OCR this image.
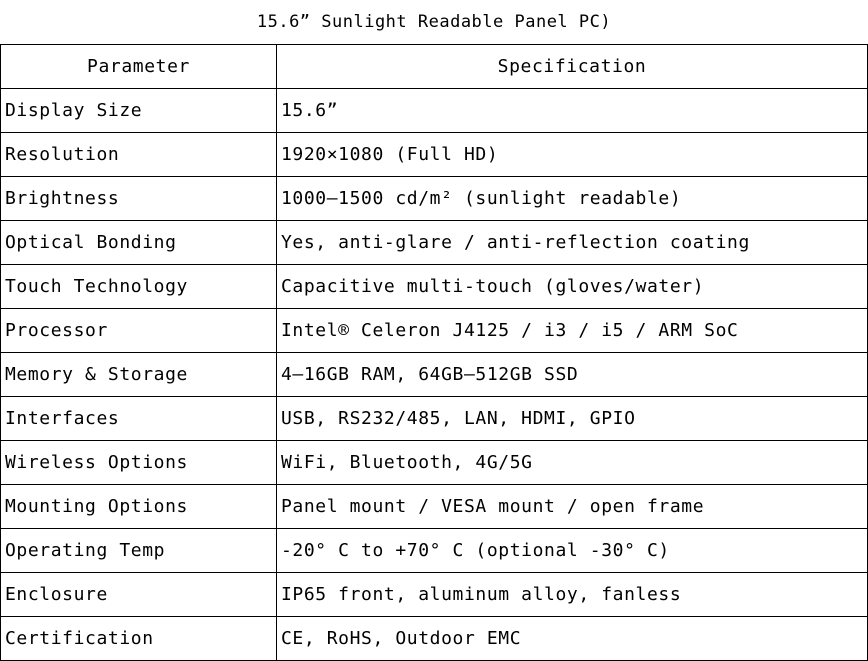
15.6” Sunlight Readable Panel PC)
Parameter	Specification
Display Size	15.6”
Resolution	1920×1080 (Full HD)
Brightness	1000–1500 cd/m² (sunlight readable)
Optical Bonding	Yes, anti-glare / anti-reflection coating
Touch Technology	Capacitive multi-touch (gloves/water)
Processor	Intel® Celeron J4125 / i3 / i5 / ARM SoC
Memory & Storage	4–16GB RAM, 64GB–512GB SSD
Interfaces	USB, RS232/485, LAN, HDMI, GPIO
Wireless Options	WiFi, Bluetooth, 4G/5G
Mounting Options	Panel mount / VESA mount / open frame
Operating Temp	-20° C to +70° C (optional -30° C)
Enclosure	IP65 front, aluminum alloy, fanless
Certification	CE, RoHS, Outdoor EMC
